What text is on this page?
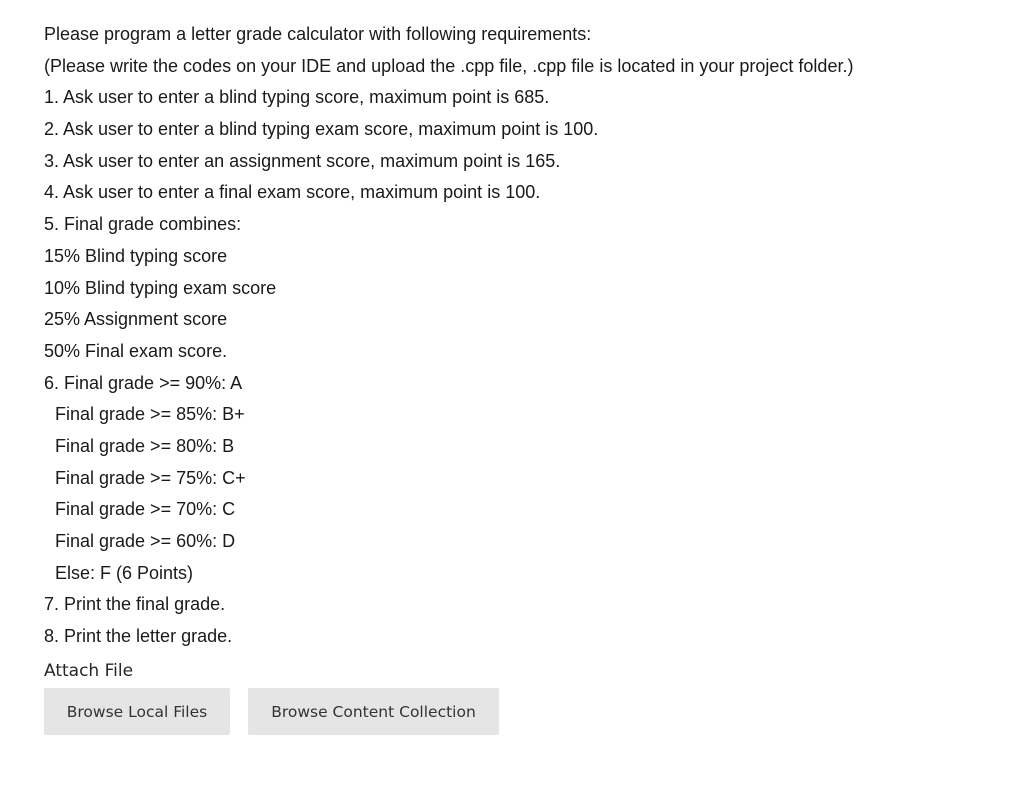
Please program a letter grade calculator with following requirements:
(Please write the codes on your IDE and upload the .cpp file, .cpp file is located in your project folder.)
1. Ask user to enter a blind typing score, maximum point is 685.
2. Ask user to enter a blind typing exam score, maximum point is 100.
3. Ask user to enter an assignment score, maximum point is 165.
4. Ask user to enter a final exam score, maximum point is 100.
5. Final grade combines:
15% Blind typing score
10% Blind typing exam score
25% Assignment score
50% Final exam score.
6. Final grade >= 90%: A
Final grade >= 85%: B+
Final grade >= 80%: B
Final grade >= 75%: C+
Final grade >= 70%: C
Final grade >= 60%: D
Else: F (6 Points)
7. Print the final grade.
8. Print the letter grade.
Attach File
Browse Local Files	Browse Content Collection
